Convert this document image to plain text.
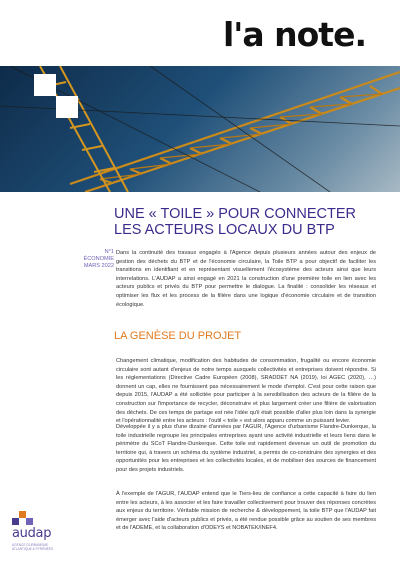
l'a note.
UNE « TOILE » POUR CONNECTER
LES ACTEURS LOCAUX DU BTP
N°1
ÉCONOMIE
MARS 2022

Dans la continuité des travaux engagés à l'Agence depuis plusieurs années autour des enjeux de gestion des déchets du BTP et de l'économie circulaire, la Toile BTP a pour objectif de faciliter les transitions en identifiant et en représentant visuellement l'écosystème des acteurs ainsi que leurs interrelations. L'AUDAP a ainsi engagé en 2021 la construction d'une première toile en lien avec les acteurs publics et privés du BTP pour permettre le dialogue. La finalité : consolider les réseaux et optimiser les flux et les process de la filière dans une logique d'économie circulaire et de transition écologique.

LA GENÈSE DU PROJET

Changement climatique, modification des habitudes de consommation, frugalité ou encore économie circulaire sont autant d'enjeux de notre temps auxquels collectivités et entreprises doivent répondre. Si les réglementations (Directive Cadre Européen (2008), SRADDET NA (2019), loi AGEC (2020), …) donnent un cap, elles ne fournissent pas nécessairement le mode d'emploi. C'est pour cette raison que depuis 2015, l'AUDAP a été sollicitée pour participer à la sensibilisation des acteurs de la filière de la construction sur l'importance de recycler, déconstruire et plus largement créer une filière de valorisation des déchets. De ces temps de partage est née l'idée qu'il était possible d'aller plus loin dans la synergie et l'opérationnalité entre les acteurs : l'outil « toile » est alors apparu comme un puissant levier.

Développée il y a plus d'une dizaine d'années par l'AGUR, l'Agence d'urbanisme Flandre-Dunkerque, la toile industrielle regroupe les principales entreprises ayant une activité industrielle et leurs liens dans le périmètre du SCoT Flandre-Dunkerque. Cette toile est rapidement devenue un outil de promotion du territoire qui, à travers un schéma du système industriel, a permis de co-construire des synergies et des opportunités pour les entreprises et les collectivités locales, et de mobiliser des sources de financement pour des projets industriels.

À l'exemple de l'AGUR, l'AUDAP entend que le Tiers-lieu de confiance a cette capacité à faire du lien entre les acteurs, à les associer et les faire travailler collectivement pour trouver des réponses concrètes aux enjeux du territoire. Véritable mission de recherche & développement, la toile BTP que l'AUDAP fait émerger avec l'aide d'acteurs publics et privés, a été rendue possible grâce au soutien de ses membres et de l'ADEME, et la collaboration d'ODEYS et NOBATEK/INEF4.

audap
AGENCE D'URBANISME
ATLANTIQUE & PYRÉNÉES
